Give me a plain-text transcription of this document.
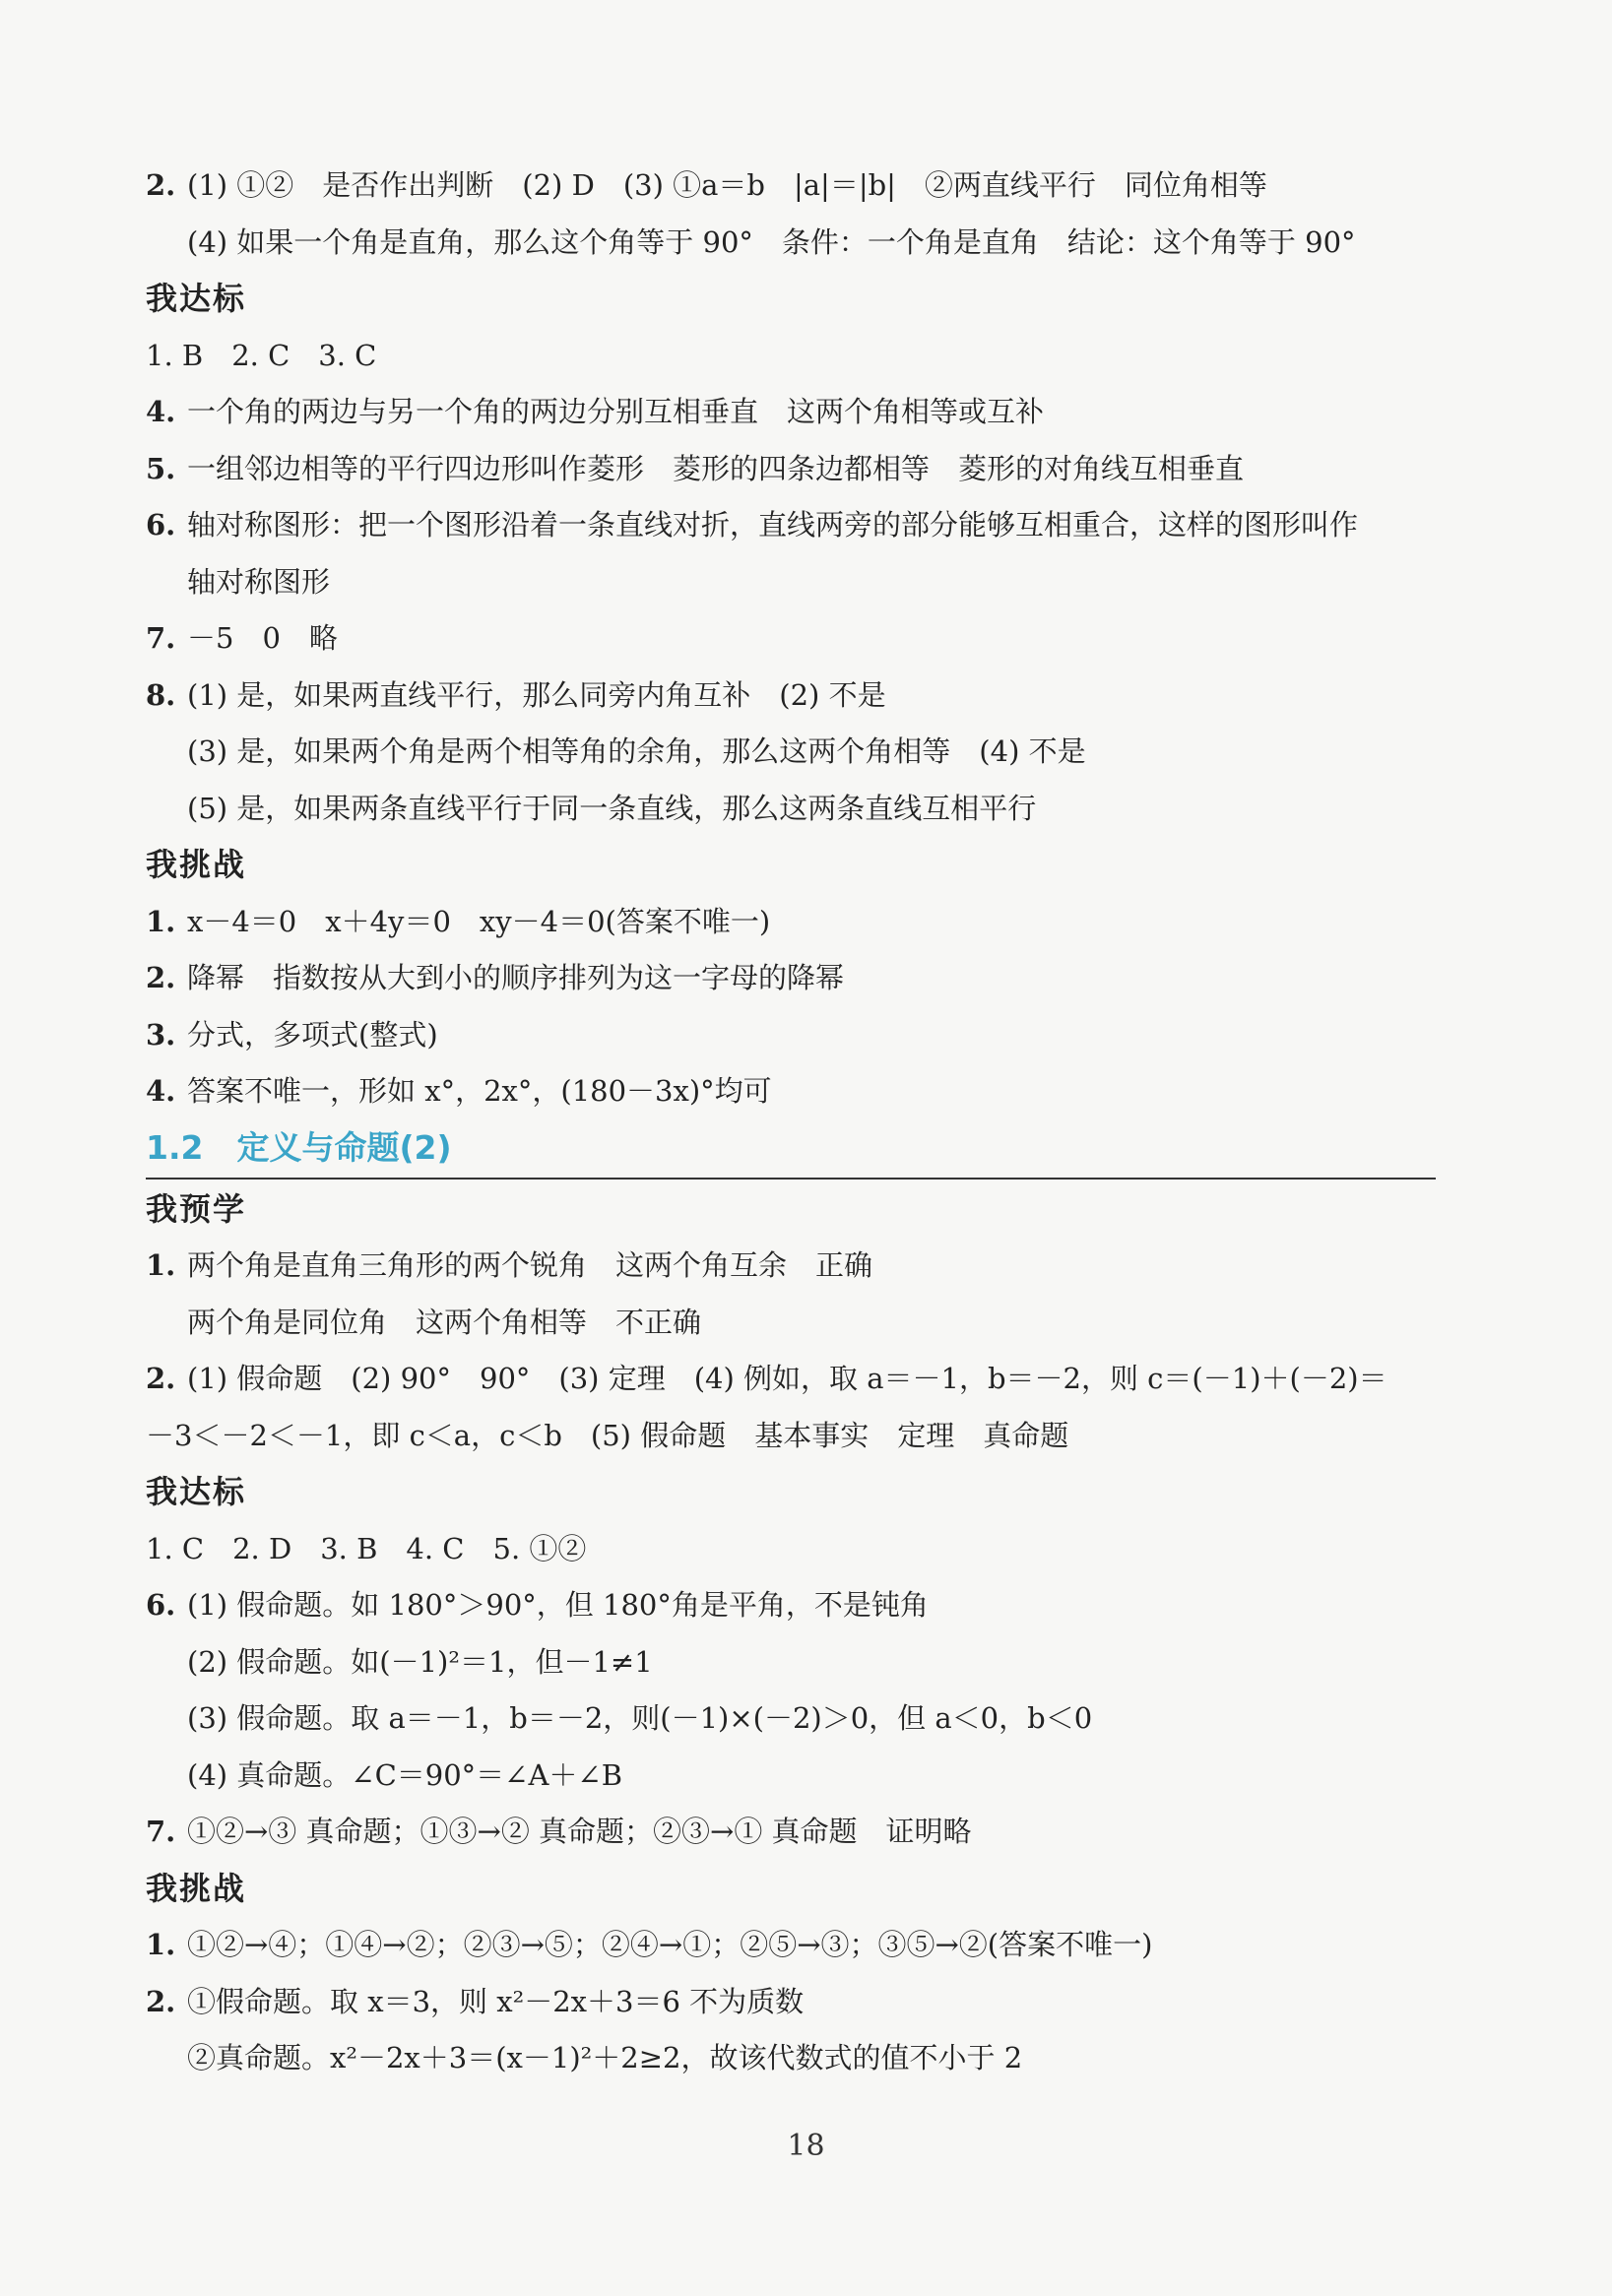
2. (1) ①②　是否作出判断　(2) D　(3) ①a＝b　|a|＝|b|　②两直线平行　同位角相等
(4) 如果一个角是直角，那么这个角等于 90°　条件：一个角是直角　结论：这个角等于 90°
我达标
1. B　2. C　3. C
4. 一个角的两边与另一个角的两边分别互相垂直　这两个角相等或互补
5. 一组邻边相等的平行四边形叫作菱形　菱形的四条边都相等　菱形的对角线互相垂直
6. 轴对称图形：把一个图形沿着一条直线对折，直线两旁的部分能够互相重合，这样的图形叫作
轴对称图形
7. －5　0　略
8. (1) 是，如果两直线平行，那么同旁内角互补　(2) 不是
(3) 是，如果两个角是两个相等角的余角，那么这两个角相等　(4) 不是
(5) 是，如果两条直线平行于同一条直线，那么这两条直线互相平行
我挑战
1. x－4＝0　x＋4y＝0　xy－4＝0(答案不唯一)
2. 降幂　指数按从大到小的顺序排列为这一字母的降幂
3. 分式，多项式(整式)
4. 答案不唯一，形如 x°，2x°，(180－3x)°均可
1.2 定义与命题(2)
我预学
1. 两个角是直角三角形的两个锐角　这两个角互余　正确
两个角是同位角　这两个角相等　不正确
2. (1) 假命题　(2) 90°　90°　(3) 定理　(4) 例如，取 a＝－1，b＝－2，则 c＝(－1)＋(－2)＝
－3＜－2＜－1，即 c＜a，c＜b　(5) 假命题　基本事实　定理　真命题
我达标
1. C　2. D　3. B　4. C　5. ①②
6. (1) 假命题。如 180°＞90°，但 180°角是平角，不是钝角
(2) 假命题。如(－1)²＝1，但－1≠1
(3) 假命题。取 a＝－1，b＝－2，则(－1)×(－2)＞0，但 a＜0，b＜0
(4) 真命题。∠C＝90°＝∠A＋∠B
7. ①②→③ 真命题；①③→② 真命题；②③→① 真命题　证明略
我挑战
1. ①②→④；①④→②；②③→⑤；②④→①；②⑤→③；③⑤→②(答案不唯一)
2. ①假命题。取 x＝3，则 x²－2x＋3＝6 不为质数
②真命题。x²－2x＋3＝(x－1)²＋2≥2，故该代数式的值不小于 2
18
